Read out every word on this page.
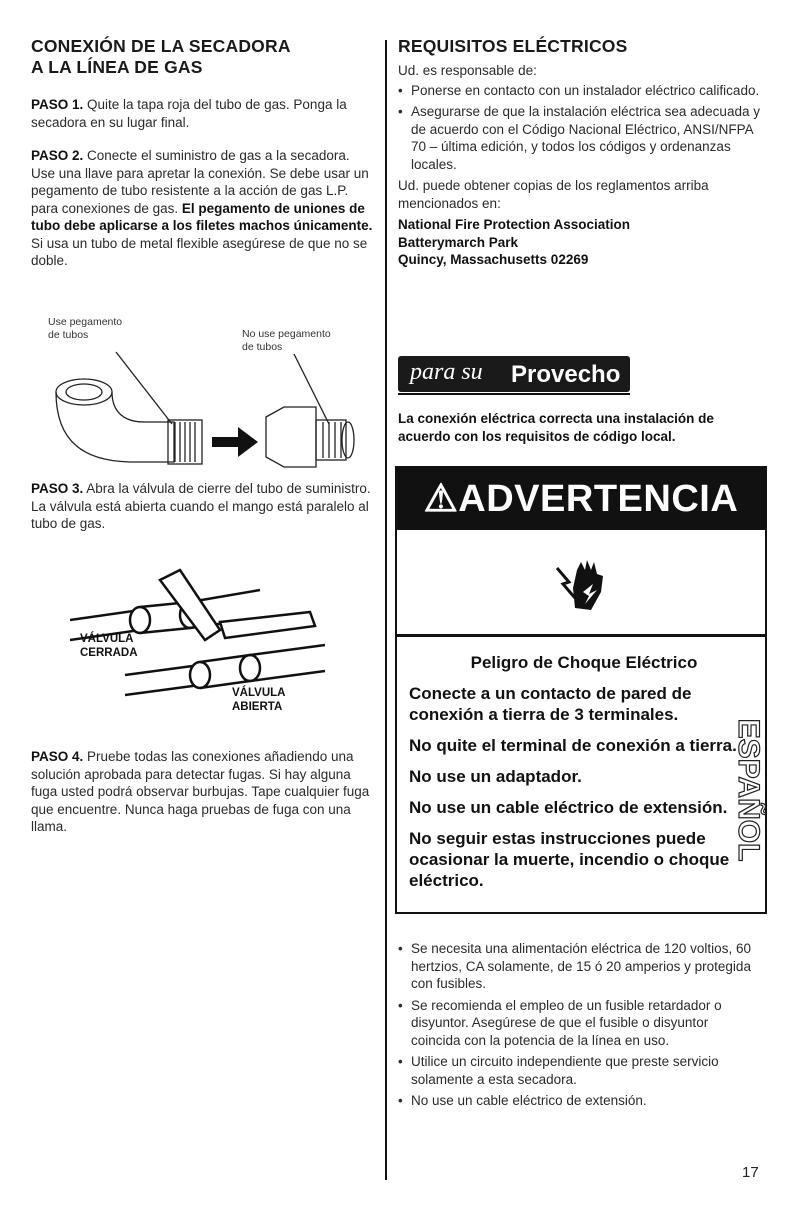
CONEXIÓN DE LA SECADORA
A LA LÍNEA DE GAS

PASO 1. Quite la tapa roja del tubo de gas. Ponga la secadora en su lugar final.

PASO 2. Conecte el suministro de gas a la secadora. Use una llave para apretar la conexión. Se debe usar un pegamento de tubo resistente a la acción de gas L.P. para conexiones de gas. El pegamento de uniones de tubo debe aplicarse a los filetes machos únicamente. Si usa un tubo de metal flexible asegúrese de que no se doble.

Use pegamento
de tubos	No use pegamento
de tubos

PASO 3. Abra la válvula de cierre del tubo de suministro. La válvula está abierta cuando el mango está paralelo al tubo de gas.

VÁLVULA
CERRADA
VÁLVULA
ABIERTA

PASO 4. Pruebe todas las conexiones añadiendo una solución aprobada para detectar fugas. Si hay alguna fuga usted podrá observar burbujas. Tape cualquier fuga que encuentre. Nunca haga pruebas de fuga con una llama.

REQUISITOS ELÉCTRICOS

Ud. es responsable de:

• Ponerse en contacto con un instalador eléctrico calificado.
• Asegurarse de que la instalación eléctrica sea adecuada y de acuerdo con el Código Nacional Eléctrico, ANSI/NFPA 70 – última edición, y todos los códigos y ordenanzas locales.

Ud. puede obtener copias de los reglamentos arriba mencionados en:

National Fire Protection Association
Batterymarch Park
Quincy, Massachusetts 02269

para su Provecho

La conexión eléctrica correcta una instalación de acuerdo con los requisitos de código local.

⚠ADVERTENCIA
Peligro de Choque Eléctrico
Conecte a un contacto de pared de conexión a tierra de 3 terminales.
No quite el terminal de conexión a tierra.
No use un adaptador.
No use un cable eléctrico de extensión.
No seguir estas instrucciones puede ocasionar la muerte, incendio o choque eléctrico.
• Se necesita una alimentación eléctrica de 120 voltios, 60 hertzios, CA solamente, de 15 ó 20 amperios y protegida con fusibles.
• Se recomienda el empleo de un fusible retardador o disyuntor. Asegúrese de que el fusible o disyuntor coincida con la potencia de la línea en uso.
• Utilice un circuito independiente que preste servicio solamente a esta secadora.
• No use un cable eléctrico de extensión.
ESPAÑOL
17
